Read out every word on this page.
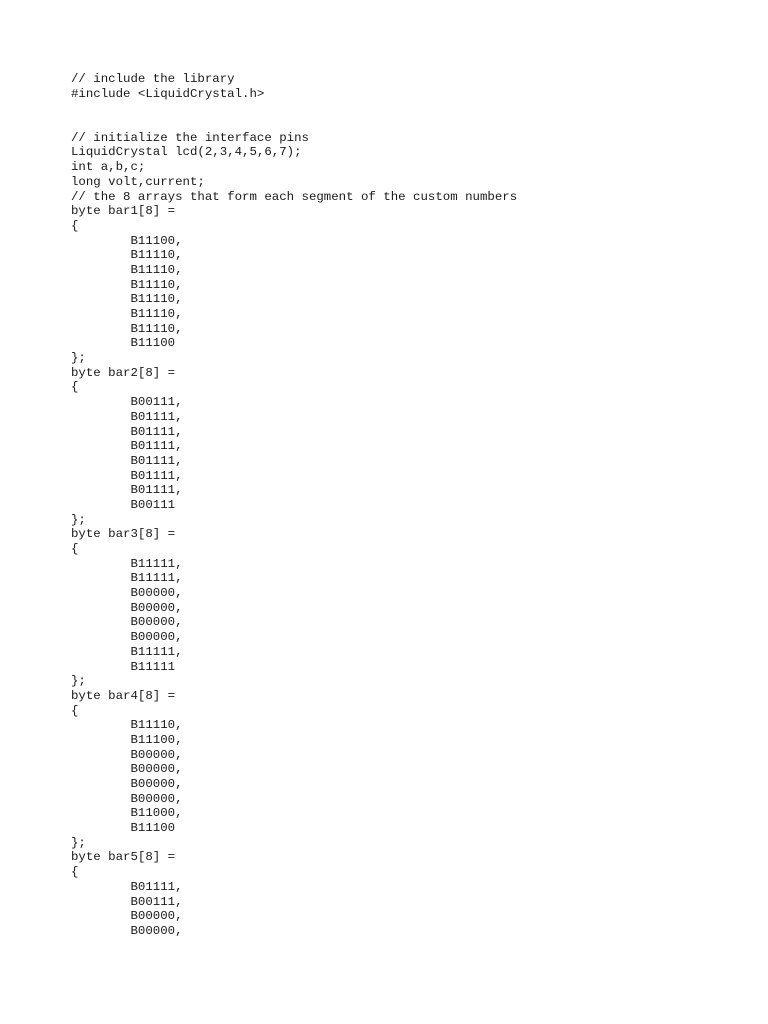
// include the library
#include <LiquidCrystal.h>
// initialize the interface pins
LiquidCrystal lcd(2,3,4,5,6,7);
int a,b,c;
long volt,current;
// the 8 arrays that form each segment of the custom numbers
byte bar1[8] =
{
B11100,
B11110,
B11110,
B11110,
B11110,
B11110,
B11110,
B11100
};
byte bar2[8] =
{
B00111,
B01111,
B01111,
B01111,
B01111,
B01111,
B01111,
B00111
};
byte bar3[8] =
{
B11111,
B11111,
B00000,
B00000,
B00000,
B00000,
B11111,
B11111
};
byte bar4[8] =
{
B11110,
B11100,
B00000,
B00000,
B00000,
B00000,
B11000,
B11100
};
byte bar5[8] =
{
B01111,
B00111,
B00000,
B00000,
